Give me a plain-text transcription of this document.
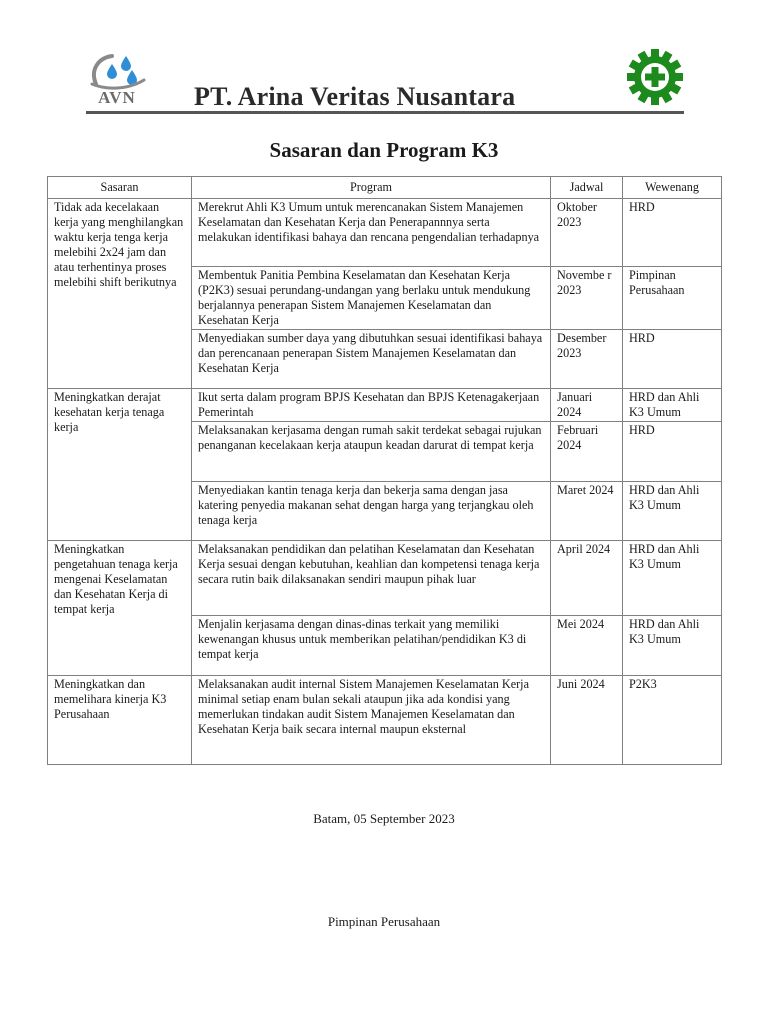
AVN	PT. Arina Veritas Nusantara
Sasaran dan Program K3
Sasaran	Program	Jadwal	Wewenang
Tidak ada kecelakaan kerja yang menghilangkan waktu kerja tenga kerja melebihi 2x24 jam dan atau terhentinya proses melebihi shift berikutnya	Merekrut Ahli K3 Umum untuk merencanakan Sistem Manajemen Keselamatan dan Kesehatan Kerja dan Penerapannnya serta melakukan identifikasi bahaya dan rencana pengendalian terhadapnya	Oktober 2023	HRD
	Membentuk Panitia Pembina Keselamatan dan Kesehatan Kerja (P2K3) sesuai perundang-undangan yang berlaku untuk mendukung berjalannya penerapan Sistem Manajemen Keselamatan dan Kesehatan Kerja	Novembe r 2023	Pimpinan Perusahaan
	Menyediakan sumber daya yang dibutuhkan sesuai identifikasi bahaya dan perencanaan penerapan Sistem Manajemen Keselamatan dan Kesehatan Kerja	Desember 2023	HRD
Meningkatkan derajat kesehatan kerja tenaga kerja	Ikut serta dalam program BPJS Kesehatan dan BPJS Ketenagakerjaan Pemerintah	Januari 2024	HRD dan Ahli K3 Umum
	Melaksanakan kerjasama dengan rumah sakit terdekat sebagai rujukan penanganan kecelakaan kerja ataupun keadan darurat di tempat kerja	Februari 2024	HRD
	Menyediakan kantin tenaga kerja dan bekerja sama dengan jasa katering penyedia makanan sehat dengan harga yang terjangkau oleh tenaga kerja	Maret 2024	HRD dan Ahli K3 Umum
Meningkatkan pengetahuan tenaga kerja mengenai Keselamatan dan Kesehatan Kerja di tempat kerja	Melaksanakan pendidikan dan pelatihan Keselamatan dan Kesehatan Kerja sesuai dengan kebutuhan, keahlian dan kompetensi tenaga kerja secara rutin baik dilaksanakan sendiri maupun pihak luar	April 2024	HRD dan Ahli K3 Umum
	Menjalin kerjasama dengan dinas-dinas terkait yang memiliki kewenangan khusus untuk memberikan pelatihan/pendidikan K3 di tempat kerja	Mei 2024	HRD dan Ahli K3 Umum
Meningkatkan dan memelihara kinerja K3 Perusahaan	Melaksanakan audit internal Sistem Manajemen Keselamatan Kerja minimal setiap enam bulan sekali ataupun jika ada kondisi yang memerlukan tindakan audit Sistem Manajemen Keselamatan dan Kesehatan Kerja baik secara internal maupun eksternal	Juni 2024	P2K3
Batam, 05 September 2023
Pimpinan Perusahaan
